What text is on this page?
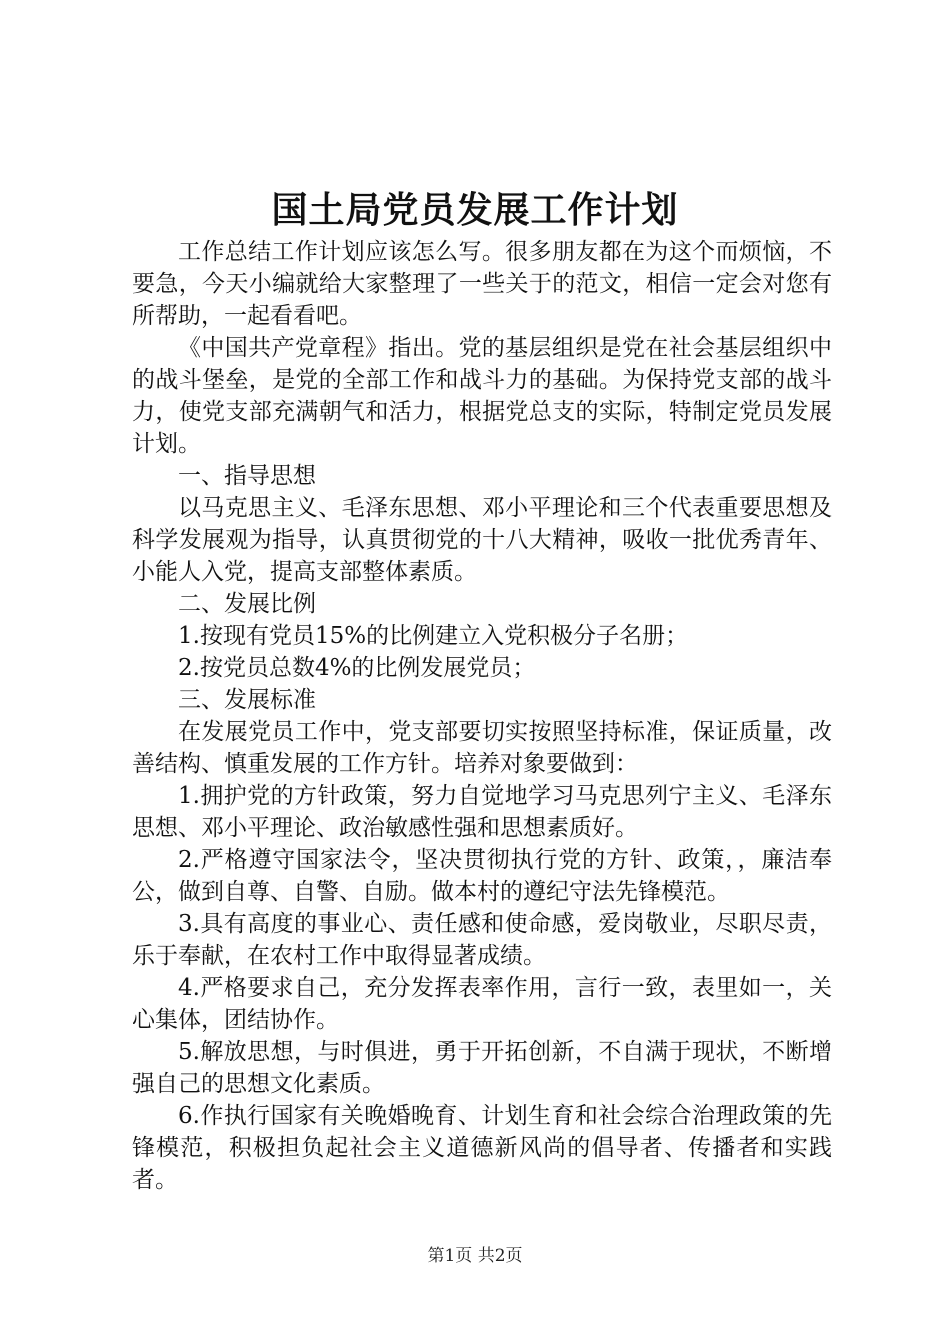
国土局党员发展工作计划

工作总结工作计划应该怎么写。很多朋友都在为这个而烦恼，不要急，今天小编就给大家整理了一些关于的范文，相信一定会对您有所帮助，一起看看吧。

《中国共产党章程》指出。党的基层组织是党在社会基层组织中的战斗堡垒，是党的全部工作和战斗力的基础。为保持党支部的战斗力，使党支部充满朝气和活力，根据党总支的实际，特制定党员发展计划。

一、指导思想

以马克思主义、毛泽东思想、邓小平理论和三个代表重要思想及科学发展观为指导，认真贯彻党的十八大精神，吸收一批优秀青年、小能人入党，提高支部整体素质。

二、发展比例

1.按现有党员15%的比例建立入党积极分子名册；

2.按党员总数4%的比例发展党员；

三、发展标准

在发展党员工作中，党支部要切实按照坚持标准，保证质量，改善结构、慎重发展的工作方针。培养对象要做到：

1.拥护党的方针政策，努力自觉地学习马克思列宁主义、毛泽东思想、邓小平理论、政治敏感性强和思想素质好。

2.严格遵守国家法令，坚决贯彻执行党的方针、政策，，廉洁奉公，做到自尊、自警、自励。做本村的遵纪守法先锋模范。

3.具有高度的事业心、责任感和使命感，爱岗敬业，尽职尽责，乐于奉献，在农村工作中取得显著成绩。

4.严格要求自己，充分发挥表率作用，言行一致，表里如一，关心集体，团结协作。

5.解放思想，与时俱进，勇于开拓创新，不自满于现状，不断增强自己的思想文化素质。

6.作执行国家有关晚婚晚育、计划生育和社会综合治理政策的先锋模范，积极担负起社会主义道德新风尚的倡导者、传播者和实践者。

第1页 共2页
